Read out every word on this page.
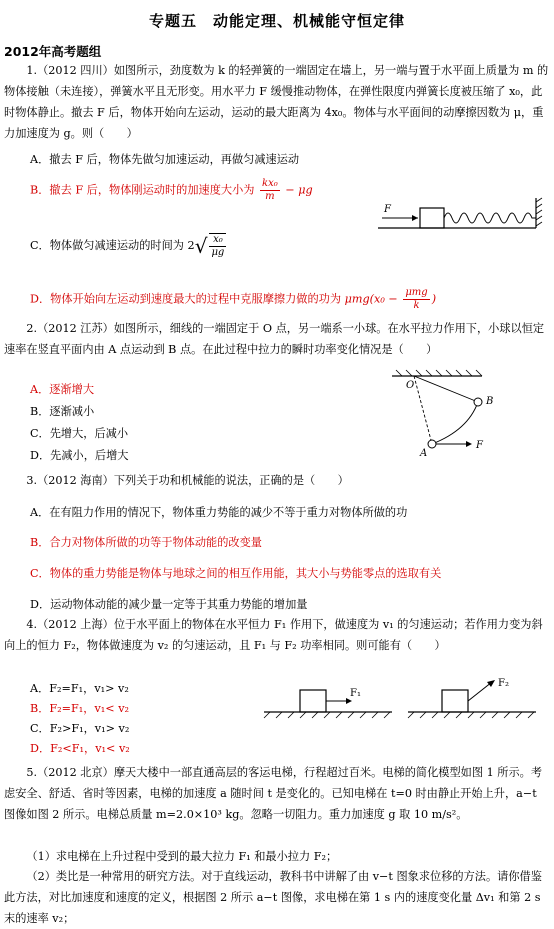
专题五　动能定理、机械能守恒定律
2012年高考题组
1.（2012 四川）如图所示，劲度数为 k 的轻弹簧的一端固定在墙上，另一端与置于水平面上质量为 m 的物体接触（未连接），弹簧水平且无形变。用水平力 F 缓慢推动物体，在弹性限度内弹簧长度被压缩了 x₀，此时物体静止。撤去 F 后，物体开始向左运动，运动的最大距离为 4x₀。物体与水平面间的动摩擦因数为 μ，重力加速度为 g。则（　　）
A．撤去 F 后，物体先做匀加速运动，再做匀减速运动
B．撤去 F 后，物体刚运动时的加速度大小为 $\frac{\text{kx₀}}{m} - \mu g$
C．物体做匀减速运动的时间为 $2√ \frac{\text{x₀}}{\mu g}$
D．物体开始向左运动到速度最大的过程中克服摩擦力做的功为 $\mu mg(x_0 - \frac{\text{μmg}}{k}$ )
F
2.（2012 江苏）如图所示，细线的一端固定于 O 点，另一端系一小球。在水平拉力作用下，小球以恒定速率在竖直平面内由 A 点运动到 B 点。在此过程中拉力的瞬时功率变化情况是（　　）
A．逐渐增大
B．逐渐减小
C．先增大，后减小
D．先减小，后增大
O
A
B
F
3.（2012 海南）下列关于功和机械能的说法，正确的是（　　）
A．在有阻力作用的情况下，物体重力势能的减少不等于重力对物体所做的功
B．合力对物体所做的功等于物体动能的改变量
C．物体的重力势能是物体与地球之间的相互作用能，其大小与势能零点的选取有关
D．运动物体动能的减少量一定等于其重力势能的增加量
4.（2012 上海）位于水平面上的物体在水平恒力 F₁ 作用下，做速度为 v₁ 的匀速运动；若作用力变为斜向上的恒力 F₂，物体做速度为 v₂ 的匀速运动，且 F₁ 与 F₂ 功率相同。则可能有（　　）
A．F₂=F₁，v₁> v₂
B．F₂=F₁，v₁< v₂
C．F₂>F₁，v₁> v₂
D．F₂<F₁，v₁< v₂
F₁
F₂
5.（2012 北京）摩天大楼中一部直通高层的客运电梯，行程超过百米。电梯的简化模型如图 1 所示。考虑安全、舒适、省时等因素，电梯的加速度 a 随时间 t 是变化的。已知电梯在 t=0 时由静止开始上升，a−t 图像如图 2 所示。电梯总质量 m=2.0×10³ kg。忽略一切阻力。重力加速度 g 取 10 m/s²。
（1）求电梯在上升过程中受到的最大拉力 F₁ 和最小拉力 F₂；
（2）类比是一种常用的研究方法。对于直线运动，教科书中讲解了由 v−t 图象求位移的方法。请你借鉴此方法，对比加速度和速度的定义，根据图 2 所示 a−t 图像，求电梯在第 1 s 内的速度变化量 Δv₁ 和第 2 s 末的速率 v₂；
